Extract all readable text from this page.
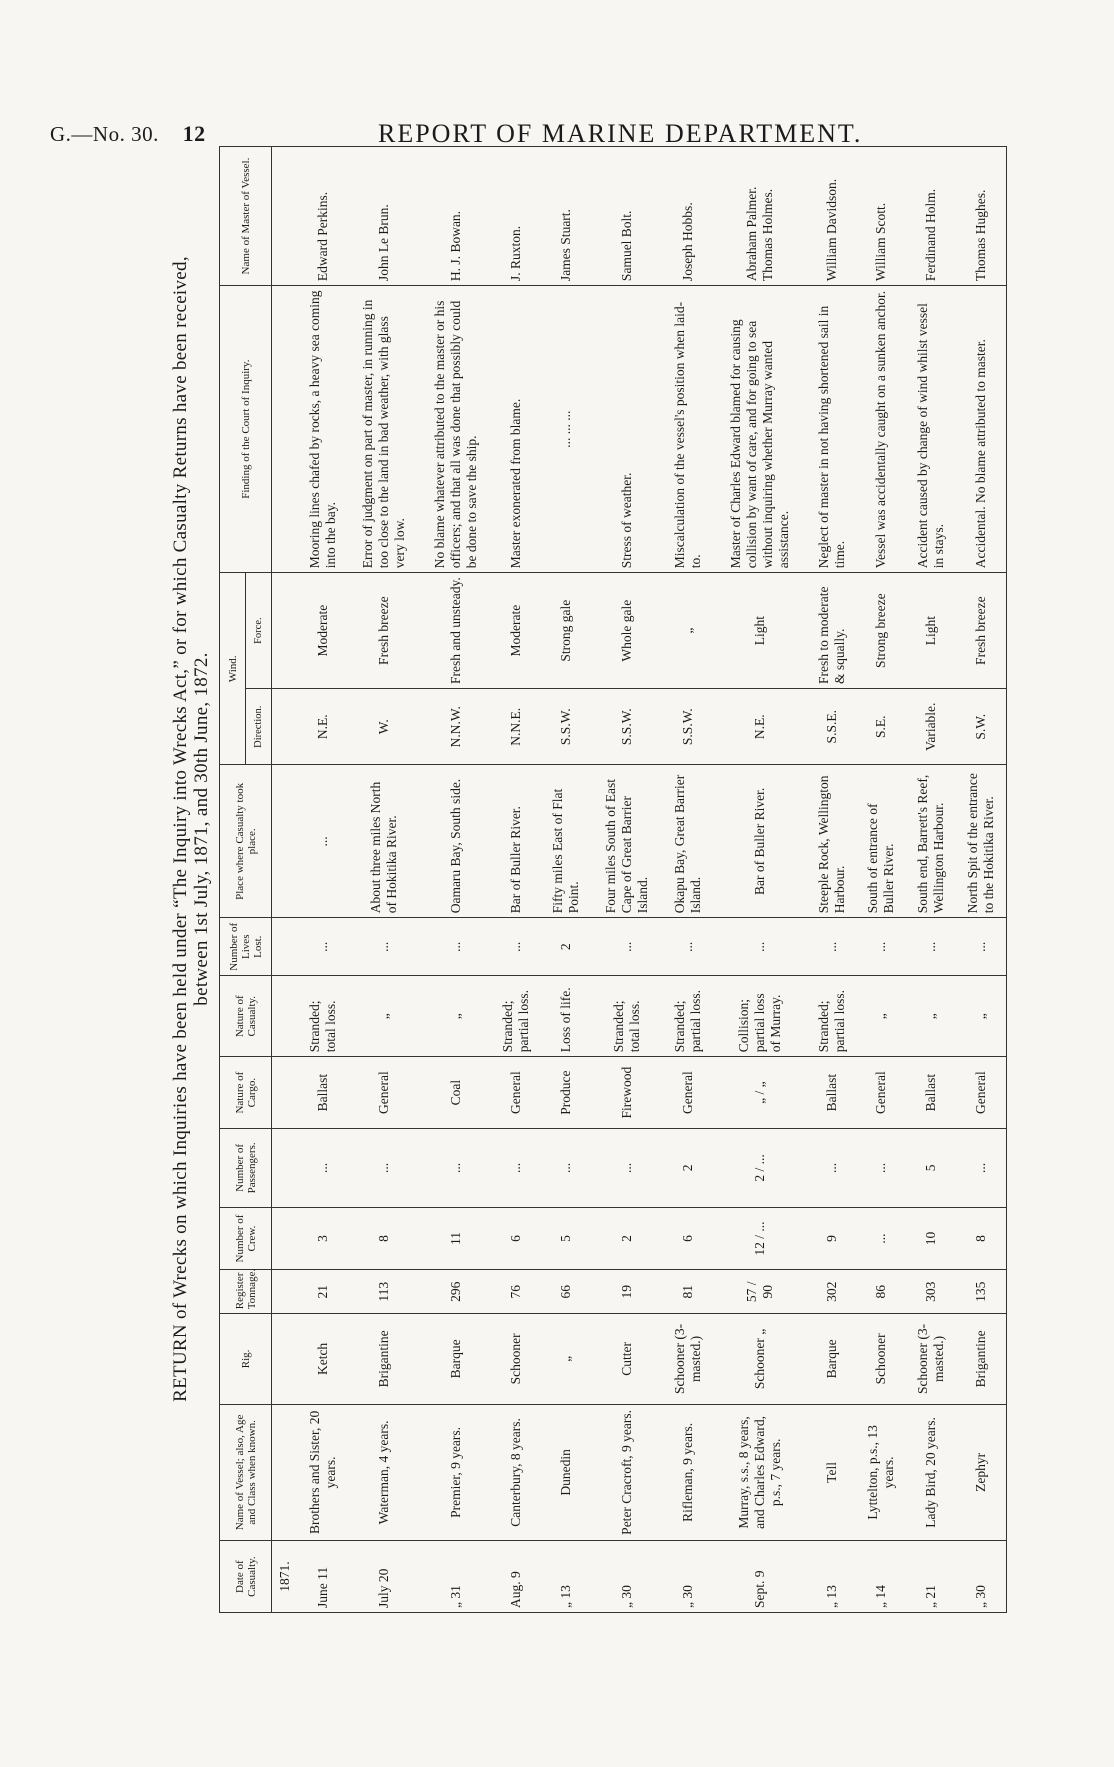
G.—No. 30. 12	REPORT OF MARINE DEPARTMENT.
RETURN of Wrecks on which Inquiries have been held under “The Inquiry into Wrecks Act,” or for which Casualty Returns have been received, between 1st July, 1871, and 30th June, 1872.
Date of Casualty.	Name of Vessel; also, Age and Class when known.	Rig.	Register Tonnage.	Number of Crew.	Number of Passengers.	Nature of Cargo.	Nature of Casualty.	Number of Lives Lost.	Place where Casualty took place.	Wind.		Finding of the Court of Inquiry.	Name of Master of Vessel.
										Direction.	Force.		
1871.													
June 11	Brothers and Sister, 20 years.	Ketch	21	3	...	Ballast	Stranded; total loss.	...	...	N.E.	Moderate	Mooring lines chafed by rocks, a heavy sea coming into the bay.	Edward Perkins.
July 20	Waterman, 4 years.	Brigantine	113	8	...	General	„	...	About three miles North of Hokitika River.	W.	Fresh breeze	Error of judgment on part of master, in running in too close to the land in bad weather, with glass very low.	John Le Brun.
„ 31	Premier, 9 years.	Barque	296	11	...	Coal	„	...	Oamaru Bay, South side.	N.N.W.	Fresh and unsteady.	No blame whatever attributed to the master or his officers; and that all was done that possibly could be done to save the ship.	H. J. Bowan.
Aug. 9	Canterbury, 8 years.	Schooner	76	6	...	General	Stranded; partial loss.	...	Bar of Buller River.	N.N.E.	Moderate	Master exonerated from blame.	J. Ruxton.
„ 13	Dunedin	„	66	5	...	Produce	Loss of life.	2	Fifty miles East of Flat Point.	S.S.W.	Strong gale	... ... ...	James Stuart.
„ 30	Peter Cracroft, 9 years.	Cutter	19	2	...	Firewood	Stranded; total loss.	...	Four miles South of East Cape of Great Barrier Island.	S.S.W.	Whole gale	Stress of weather.	Samuel Bolt.
„ 30	Rifleman, 9 years.	Schooner (3-masted.)	81	6	2	General	Stranded; partial loss.	...	Okapu Bay, Great Barrier Island.	S.S.W.	„	Miscalculation of the vessel's position when laid-to.	Joseph Hobbs.
Sept. 9	Murray, s.s., 8 years, and Charles Edward, p.s., 7 years.	Schooner „	57 / 90	12 / ...	2 / ...	„ / „	Collision; partial loss of Murray.	...	Bar of Buller River.	N.E.	Light	Master of Charles Edward blamed for causing collision by want of care, and for going to sea without inquiring whether Murray wanted assistance.	Abraham Palmer. Thomas Holmes.
„ 13	Tell	Barque	302	9	...	Ballast	Stranded; partial loss.	...	Steeple Rock, Wellington Harbour.	S.S.E.	Fresh to moderate & squally.	Neglect of master in not having shortened sail in time.	William Davidson.
„ 14	Lyttelton, p.s., 13 years.	Schooner	86	...	...	General	„	...	South of entrance of Buller River.	S.E.	Strong breeze	Vessel was accidentally caught on a sunken anchor.	William Scott.
„ 21	Lady Bird, 20 years.	Schooner (3-masted.)	303	10	5	Ballast	„	...	South end, Barrett's Reef, Wellington Harbour.	Variable.	Light	Accident caused by change of wind whilst vessel in stays.	Ferdinand Holm.
„ 30	Zephyr	Brigantine	135	8	...	General	„	...	North Spit of the entrance to the Hokitika River.	S.W.	Fresh breeze	Accidental. No blame attributed to master.	Thomas Hughes.
